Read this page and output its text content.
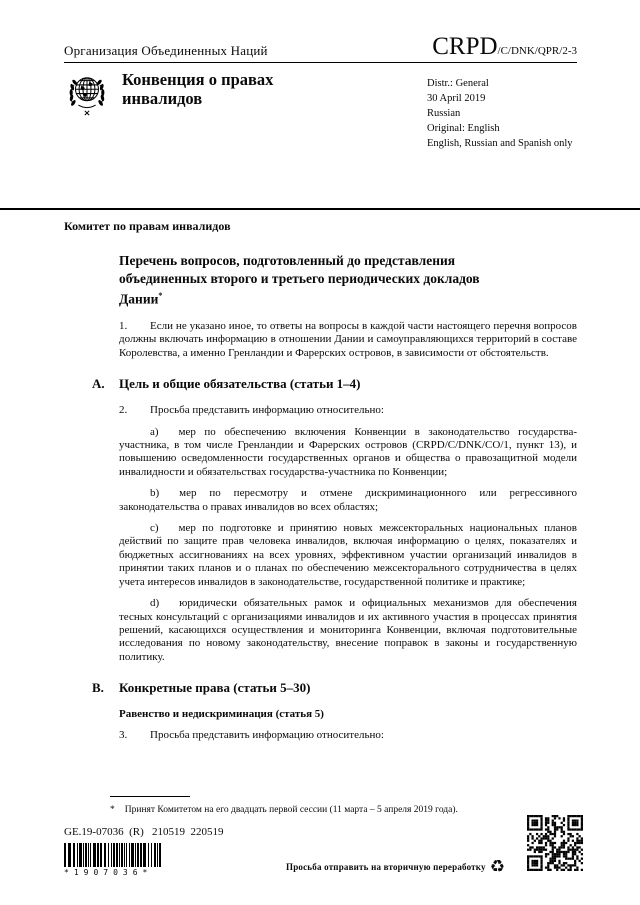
Организация Объединенных Наций	CRPD/C/DNK/QPR/2-3
Конвенция о правах
инвалидов
Distr.: General
30 April 2019
Russian
Original: English
English, Russian and Spanish only

Комитет по правам инвалидов

Перечень вопросов, подготовленный до представления объединенных второго и третьего периодических докладов Дании*

1. Если не указано иное, то ответы на вопросы в каждой части настоящего перечня вопросов должны включать информацию в отношении Дании и самоуправляющихся территорий в составе Королевства, а именно Гренландии и Фарерских островов, в зависимости от обстоятельств.

A.	Цель и общие обязательства (статьи 1–4)

2. Просьба представить информацию относительно:

a) мер по обеспечению включения Конвенции в законодательство государства-участника, в том числе Гренландии и Фарерских островов (CRPD/C/DNK/CO/1, пункт 13), и повышению осведомленности государственных органов и общества о правозащитной модели инвалидности и обязательствах государства-участника по Конвенции;

b) мер по пересмотру и отмене дискриминационного или регрессивного законодательства о правах инвалидов во всех областях;

c) мер по подготовке и принятию новых межсекторальных национальных планов действий по защите прав человека инвалидов, включая информацию о целях, показателях и бюджетных ассигнованиях на всех уровнях, эффективном участии организаций инвалидов в принятии таких планов и о планах по обеспечению межсекторального сотрудничества в целях учета интересов инвалидов в законодательстве, государственной политике и практике;

d) юридически обязательных рамок и официальных механизмов для обеспечения тесных консультаций с организациями инвалидов и их активного участия в процессах принятия решений, касающихся осуществления и мониторинга Конвенции, включая подготовительные исследования по новому законодательству, внесение поправок в законы и государственную политику.

B.	Конкретные права (статьи 5–30)

Равенство и недискриминация (статья 5)

3. Просьба представить информацию относительно:

* Принят Комитетом на его двадцать первой сессии (11 марта – 5 апреля 2019 года).

GE.19-07036  (R)   210519  220519
*1907036*
Просьба отправить на вторичную переработку ♻
